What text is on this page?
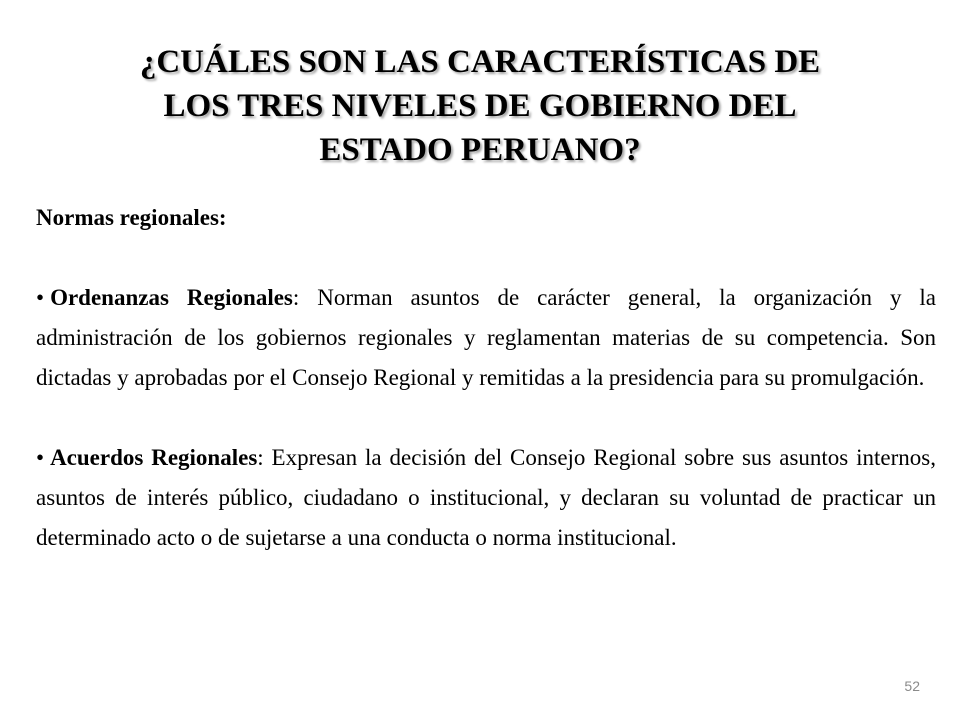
¿CUÁLES SON LAS CARACTERÍSTICAS DE
LOS TRES NIVELES DE GOBIERNO DEL
ESTADO PERUANO?

Normas regionales:

• Ordenanzas Regionales: Norman asuntos de carácter general, la organización y la administración de los gobiernos regionales y reglamentan materias de su competencia. Son dictadas y aprobadas por el Consejo Regional y remitidas a la presidencia para su promulgación.

• Acuerdos Regionales: Expresan la decisión del Consejo Regional sobre sus asuntos internos, asuntos de interés público, ciudadano o institucional, y declaran su voluntad de practicar un determinado acto o de sujetarse a una conducta o norma institucional.

52
